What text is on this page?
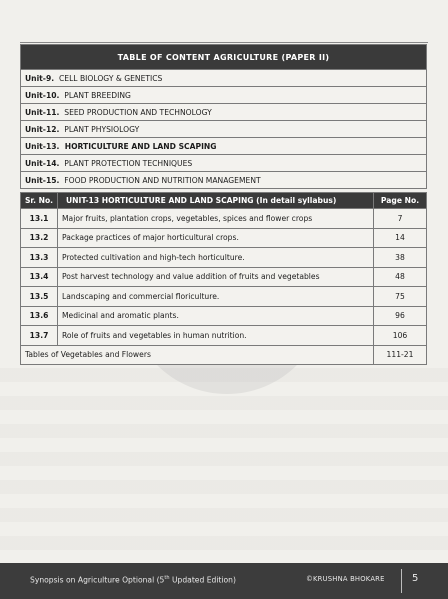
TABLE OF CONTENT AGRICULTURE (PAPER II)
Unit-9. CELL BIOLOGY & GENETICS
Unit-10. PLANT BREEDING
Unit-11. SEED PRODUCTION AND TECHNOLOGY
Unit-12. PLANT PHYSIOLOGY
Unit-13. HORTICULTURE AND LAND SCAPING
Unit-14. PLANT PROTECTION TECHNIQUES
Unit-15. FOOD PRODUCTION AND NUTRITION MANAGEMENT
Sr. No.	UNIT-13 HORTICULTURE AND LAND SCAPING (In detail syllabus)	Page No.
13.1	Major fruits, plantation crops, vegetables, spices and flower crops	7
13.2	Package practices of major horticultural crops.	14
13.3	Protected cultivation and high-tech horticulture.	38
13.4	Post harvest technology and value addition of fruits and vegetables	48
13.5	Landscaping and commercial floriculture.	75
13.6	Medicinal and aromatic plants.	96
13.7	Role of fruits and vegetables in human nutrition.	106
Tables of Vegetables and Flowers		111-21
Synopsis on Agriculture Optional (5th Updated Edition)	©KRUSHNA BHOKARE	5
